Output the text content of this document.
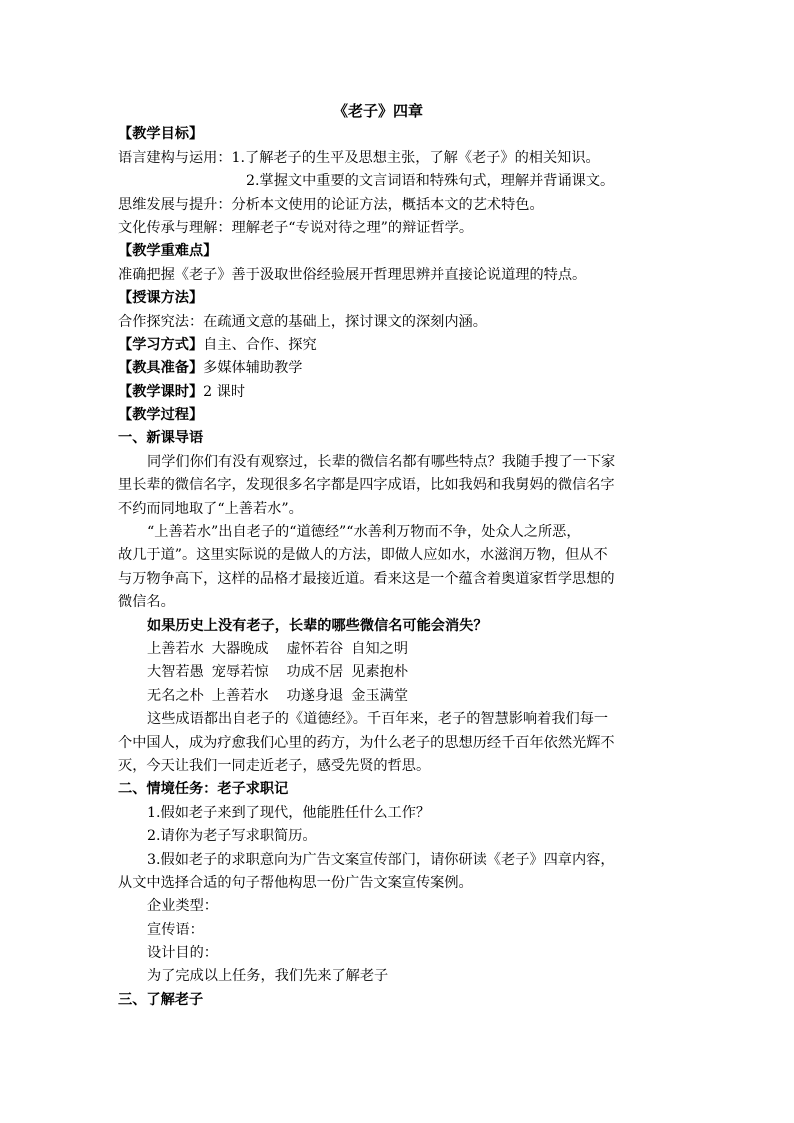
《老子》四章
【教学目标】
语言建构与运用：1.了解老子的生平及思想主张，了解《老子》的相关知识。
2.掌握文中重要的文言词语和特殊句式，理解并背诵课文。
思维发展与提升：分析本文使用的论证方法，概括本文的艺术特色。
文化传承与理解：理解老子“专说对待之理”的辩证哲学。
【教学重难点】
准确把握《老子》善于汲取世俗经验展开哲理思辨并直接论说道理的特点。
【授课方法】
合作探究法：在疏通文意的基础上，探讨课文的深刻内涵。
【学习方式】自主、合作、探究
【教具准备】多媒体辅助教学
【教学课时】2 课时
【教学过程】
一、新课导语
同学们你们有没有观察过，长辈的微信名都有哪些特点？我随手搜了一下家
里长辈的微信名字，发现很多名字都是四字成语，比如我妈和我舅妈的微信名字
不约而同地取了“上善若水”。
“上善若水”出自老子的“道德经”“水善利万物而不争，处众人之所恶，
故几于道”。这里实际说的是做人的方法，即做人应如水，水滋润万物，但从不
与万物争高下，这样的品格才最接近道。看来这是一个蕴含着奥道家哲学思想的
微信名。
如果历史上没有老子，长辈的哪些微信名可能会消失？
上善若水 大器晚成 虚怀若谷 自知之明
大智若愚 宠辱若惊 功成不居 见素抱朴
无名之朴 上善若水 功遂身退 金玉满堂
这些成语都出自老子的《道德经》。千百年来，老子的智慧影响着我们每一
个中国人，成为疗愈我们心里的药方，为什么老子的思想历经千百年依然光辉不
灭，今天让我们一同走近老子，感受先贤的哲思。
二、情境任务：老子求职记
1.假如老子来到了现代，他能胜任什么工作？
2.请你为老子写求职简历。
3.假如老子的求职意向为广告文案宣传部门，请你研读《老子》四章内容，
从文中选择合适的句子帮他构思一份广告文案宣传案例。
企业类型：
宣传语：
设计目的：
为了完成以上任务，我们先来了解老子
三、了解老子
